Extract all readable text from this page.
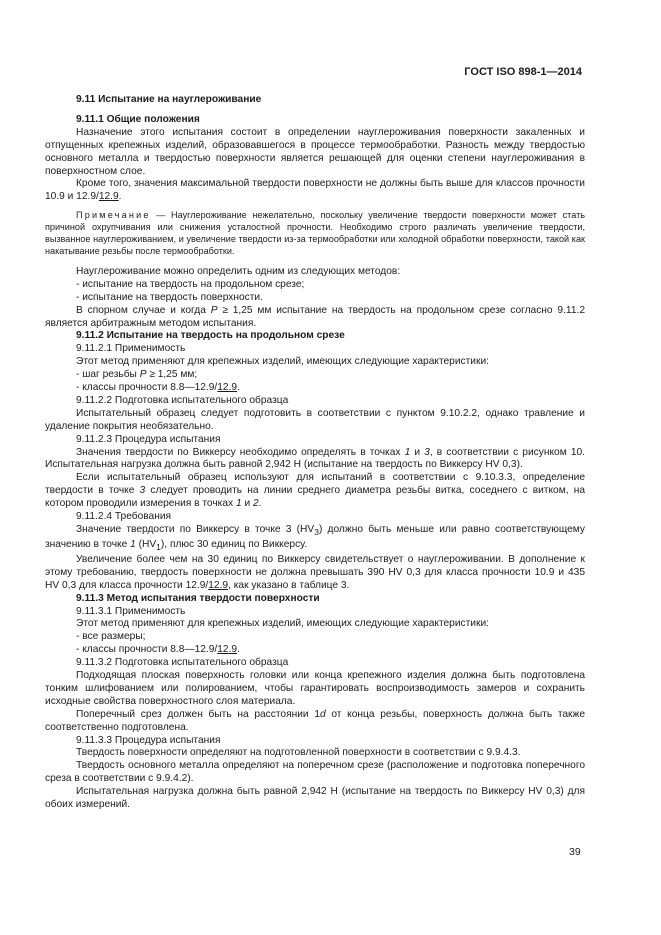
ГОСТ ISO 898-1—2014

9.11 Испытание на науглероживание

9.11.1 Общие положения

Назначение этого испытания состоит в определении науглероживания поверхности закаленных и отпущенных крепежных изделий, образовавшегося в процессе термообработки. Разность между твердостью основного металла и твердостью поверхности является решающей для оценки степени науглероживания в поверхностном слое.

Кроме того, значения максимальной твердости поверхности не должны быть выше для классов прочности 10.9 и 12.9/12.9.

Примечание — Науглероживание нежелательно, поскольку увеличение твердости поверхности может стать причиной охрупчивания или снижения усталостной прочности. Необходимо строго различать увеличение твердости, вызванное науглероживанием, и увеличение твердости из-за термообработки или холодной обработки поверхности, такой как накатывание резьбы после термообработки.

Науглероживание можно определить одним из следующих методов:

- испытание на твердость на продольном срезе;

- испытание на твердость поверхности.

В спорном случае и когда P ≥ 1,25 мм испытание на твердость на продольном срезе согласно 9.11.2 является арбитражным методом испытания.

9.11.2 Испытание на твердость на продольном срезе

9.11.2.1 Применимость

Этот метод применяют для крепежных изделий, имеющих следующие характеристики:

- шаг резьбы P ≥ 1,25 мм;

- классы прочности 8.8—12.9/12.9.

9.11.2.2 Подготовка испытательного образца

Испытательный образец следует подготовить в соответствии с пунктом 9.10.2.2, однако травление и удаление покрытия необязательно.

9.11.2.3 Процедура испытания

Значения твердости по Виккерсу необходимо определять в точках 1 и 3, в соответствии с рисунком 10. Испытательная нагрузка должна быть равной 2,942 Н (испытание на твердость по Виккерсу HV 0,3).

Если испытательный образец используют для испытаний в соответствии с 9.10.3.3, определение твердости в точке 3 следует проводить на линии среднего диаметра резьбы витка, соседнего с витком, на котором проводили измерения в точках 1 и 2.

9.11.2.4 Требования

Значение твердости по Виккерсу в точке 3 $(HV_3)$ должно быть меньше или равно соответствующему значению в точке 1 $(HV_1)$, плюс 30 единиц по Виккерсу.

Увеличение более чем на 30 единиц по Виккерсу свидетельствует о науглероживании. В дополнение к этому требованию, твердость поверхности не должна превышать 390 HV 0,3 для класса прочности 10.9 и 435 HV 0,3 для класса прочности 12.9/12.9, как указано в таблице 3.

9.11.3 Метод испытания твердости поверхности

9.11.3.1 Применимость

Этот метод применяют для крепежных изделий, имеющих следующие характеристики:

- все размеры;

- классы прочности 8.8—12.9/12.9.

9.11.3.2 Подготовка испытательного образца

Подходящая плоская поверхность головки или конца крепежного изделия должна быть подготовлена тонким шлифованием или полированием, чтобы гарантировать воспроизводимость замеров и сохранить исходные свойства поверхностного слоя материала.

Поперечный срез должен быть на расстоянии 1d от конца резьбы, поверхность должна быть также соответственно подготовлена.

9.11.3.3 Процедура испытания

Твердость поверхности определяют на подготовленной поверхности в соответствии с 9.9.4.3.

Твердость основного металла определяют на поперечном срезе (расположение и подготовка поперечного среза в соответствии с 9.9.4.2).

Испытательная нагрузка должна быть равной 2,942 Н (испытание на твердость по Виккерсу HV 0,3) для обоих измерений.

39
